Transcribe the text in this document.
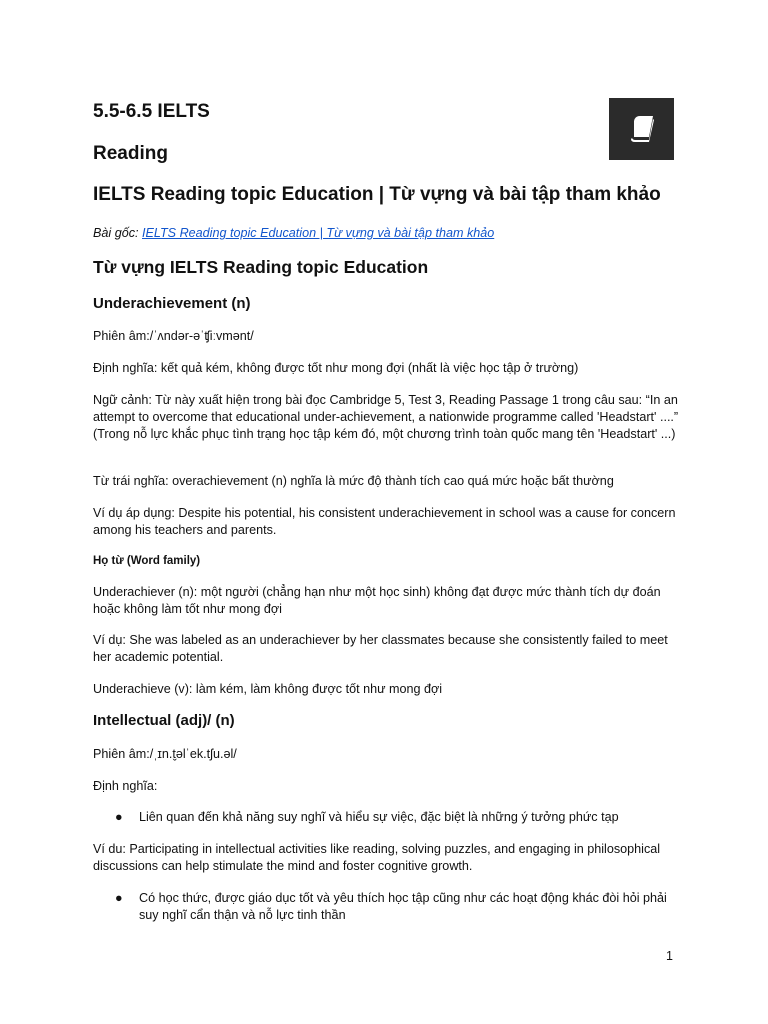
5.5-6.5 IELTS
Reading
IELTS Reading topic Education | Từ vựng và bài tập tham khảo

Bài gốc: IELTS Reading topic Education | Từ vựng và bài tập tham khảo

Từ vựng IELTS Reading topic Education
Underachievement (n)

Phiên âm:/ˈʌndər-əˈʧiːvmənt/

Định nghĩa: kết quả kém, không được tốt như mong đợi (nhất là việc học tập ở trường)

Ngữ cảnh: Từ này xuất hiện trong bài đọc Cambridge 5, Test 3, Reading Passage 1 trong câu sau: “In an attempt to overcome that educational under-achievement, a nationwide programme called 'Headstart' ....” (Trong nỗ lực khắc phục tình trạng học tập kém đó, một chương trình toàn quốc mang tên 'Headstart' ...)

Từ trái nghĩa: overachievement (n) nghĩa là mức độ thành tích cao quá mức hoặc bất thường

Ví dụ áp dụng: Despite his potential, his consistent underachievement in school was a cause for concern among his teachers and parents.

Họ từ (Word family)

Underachiever (n): một người (chẳng hạn như một học sinh) không đạt được mức thành tích dự đoán hoặc không làm tốt như mong đợi

Ví dụ: She was labeled as an underachiever by her classmates because she consistently failed to meet her academic potential.

Underachieve (v): làm kém, làm không được tốt như mong đợi

Intellectual (adj)/ (n)

Phiên âm:/ˌɪn.t̬əlˈek.tʃu.əl/

Định nghĩa:

● Liên quan đến khả năng suy nghĩ và hiểu sự việc, đặc biệt là những ý tưởng phức tạp

Ví du: Participating in intellectual activities like reading, solving puzzles, and engaging in philosophical discussions can help stimulate the mind and foster cognitive growth.

● Có học thức, được giáo dục tốt và yêu thích học tập cũng như các hoạt động khác đòi hỏi phải suy nghĩ cẩn thận và nỗ lực tinh thần

1
